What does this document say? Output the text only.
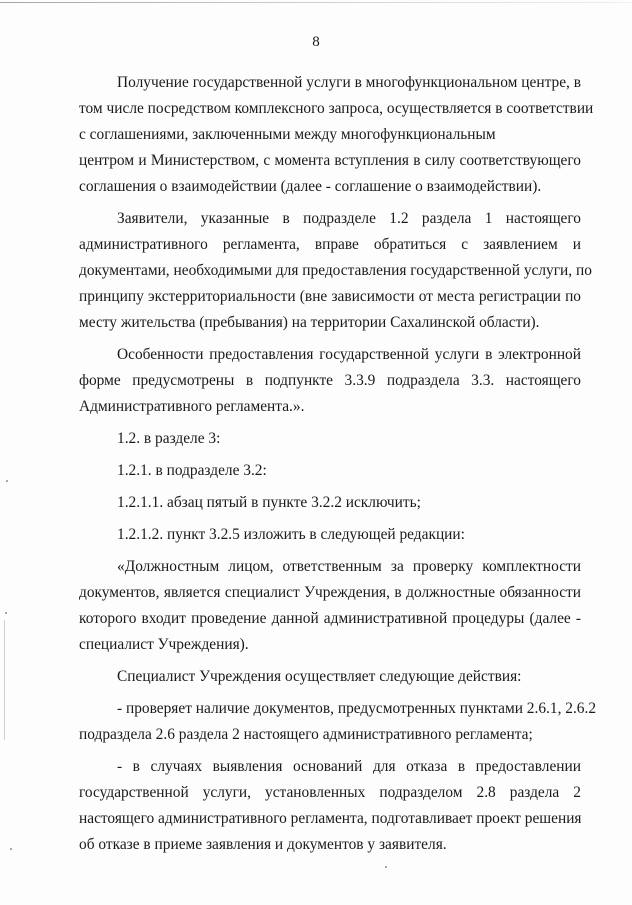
8
Получение государственной услуги в многофункциональном центре, в
том числе посредством комплексного запроса, осуществляется в соответствии
с соглашениями, заключенными между многофункциональным
центром и Министерством, с момента вступления в силу соответствующего
соглашения о взаимодействии (далее - соглашение о взаимодействии).
Заявители, указанные в подразделе 1.2 раздела 1 настоящего
административного регламента, вправе обратиться с заявлением и
документами, необходимыми для предоставления государственной услуги, по
принципу экстерриториальности (вне зависимости от места регистрации по
месту жительства (пребывания) на территории Сахалинской области).
Особенности предоставления государственной услуги в электронной
форме предусмотрены в подпункте 3.3.9 подраздела 3.3. настоящего
Административного регламента.».
1.2. в разделе 3:
1.2.1. в подразделе 3.2:
1.2.1.1. абзац пятый в пункте 3.2.2 исключить;
1.2.1.2. пункт 3.2.5 изложить в следующей редакции:
«Должностным лицом, ответственным за проверку комплектности
документов, является специалист Учреждения, в должностные обязанности
которого входит проведение данной административной процедуры (далее -
специалист Учреждения).
Специалист Учреждения осуществляет следующие действия:
- проверяет наличие документов, предусмотренных пунктами 2.6.1, 2.6.2
подраздела 2.6 раздела 2 настоящего административного регламента;
- в случаях выявления оснований для отказа в предоставлении
государственной услуги, установленных подразделом 2.8 раздела 2
настоящего административного регламента, подготавливает проект решения
об отказе в приеме заявления и документов у заявителя.
